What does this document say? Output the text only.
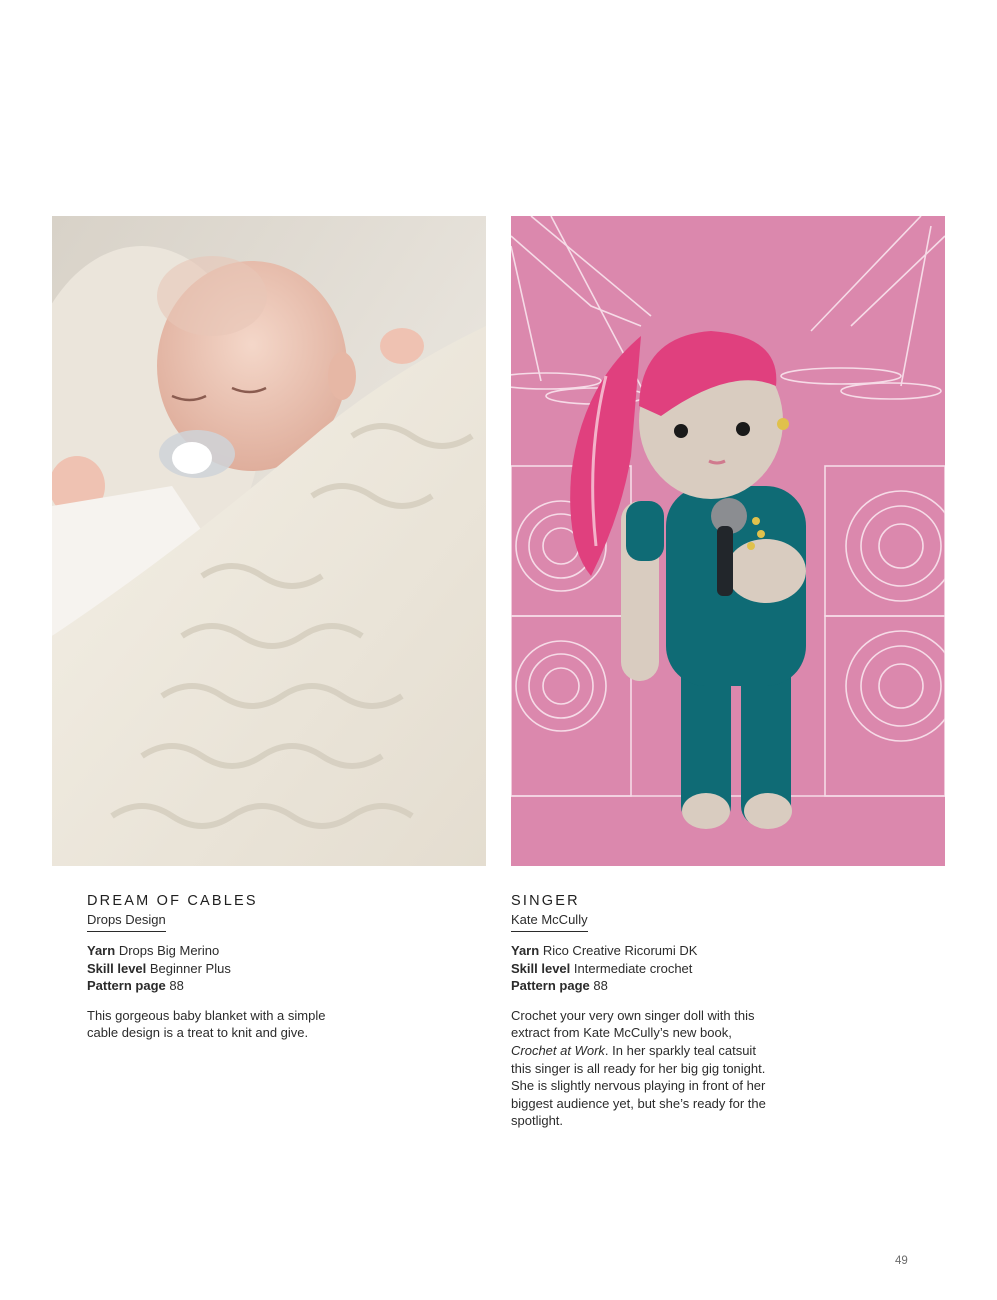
DREAM OF CABLES
Drops Design
Yarn Drops Big Merino
Skill level Beginner Plus
Pattern page 88
This gorgeous baby blanket with a simple cable design is a treat to knit and give.
SINGER
Kate McCully
Yarn Rico Creative Ricorumi DK
Skill level Intermediate crochet
Pattern page 88
Crochet your very own singer doll with this extract from Kate McCully’s new book, Crochet at Work. In her sparkly teal catsuit this singer is all ready for her big gig tonight. She is slightly nervous playing in front of her biggest audience yet, but she’s ready for the spotlight.
49
